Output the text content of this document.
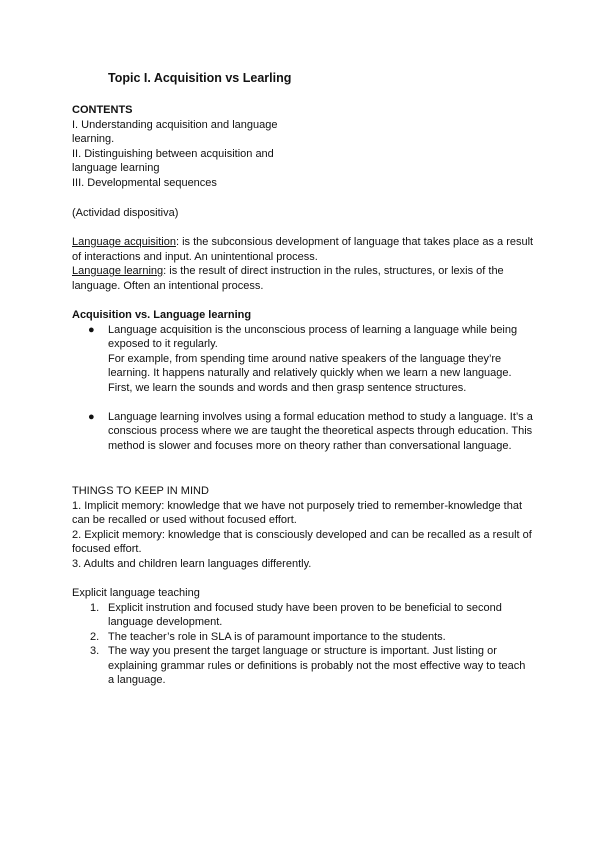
Topic I. Acquisition vs Learling

CONTENTS

I. Understanding acquisition and language

learning.

II. Distinguishing between acquisition and

language learning

III. Developmental sequences

(Actividad dispositiva)

Language acquisition: is the subconsious development of language that takes place as a result of interactions and input. An unintentional process.

Language learning: is the result of direct instruction in the rules, structures, or lexis of the language. Often an intentional process.

Acquisition vs. Language learning

● Language acquisition is the unconscious process of learning a language while being exposed to it regularly.

For example, from spending time around native speakers of the language they’re learning. It happens naturally and relatively quickly when we learn a new language. First, we learn the sounds and words and then grasp sentence structures.

● Language learning involves using a formal education method to study a language. It’s a conscious process where we are taught the theoretical aspects through education. This method is slower and focuses more on theory rather than conversational language.

THINGS TO KEEP IN MIND

1. Implicit memory: knowledge that we have not purposely tried to remember-knowledge that can be recalled or used without focused effort.

2. Explicit memory: knowledge that is consciously developed and can be recalled as a result of focused effort.

3. Adults and children learn languages differently.

Explicit language teaching

1. Explicit instrution and focused study have been proven to be beneficial to second language development.

2. The teacher’s role in SLA is of paramount importance to the students.

3. The way you present the target language or structure is important. Just listing or explaining grammar rules or definitions is probably not the most effective way to teach a language.
